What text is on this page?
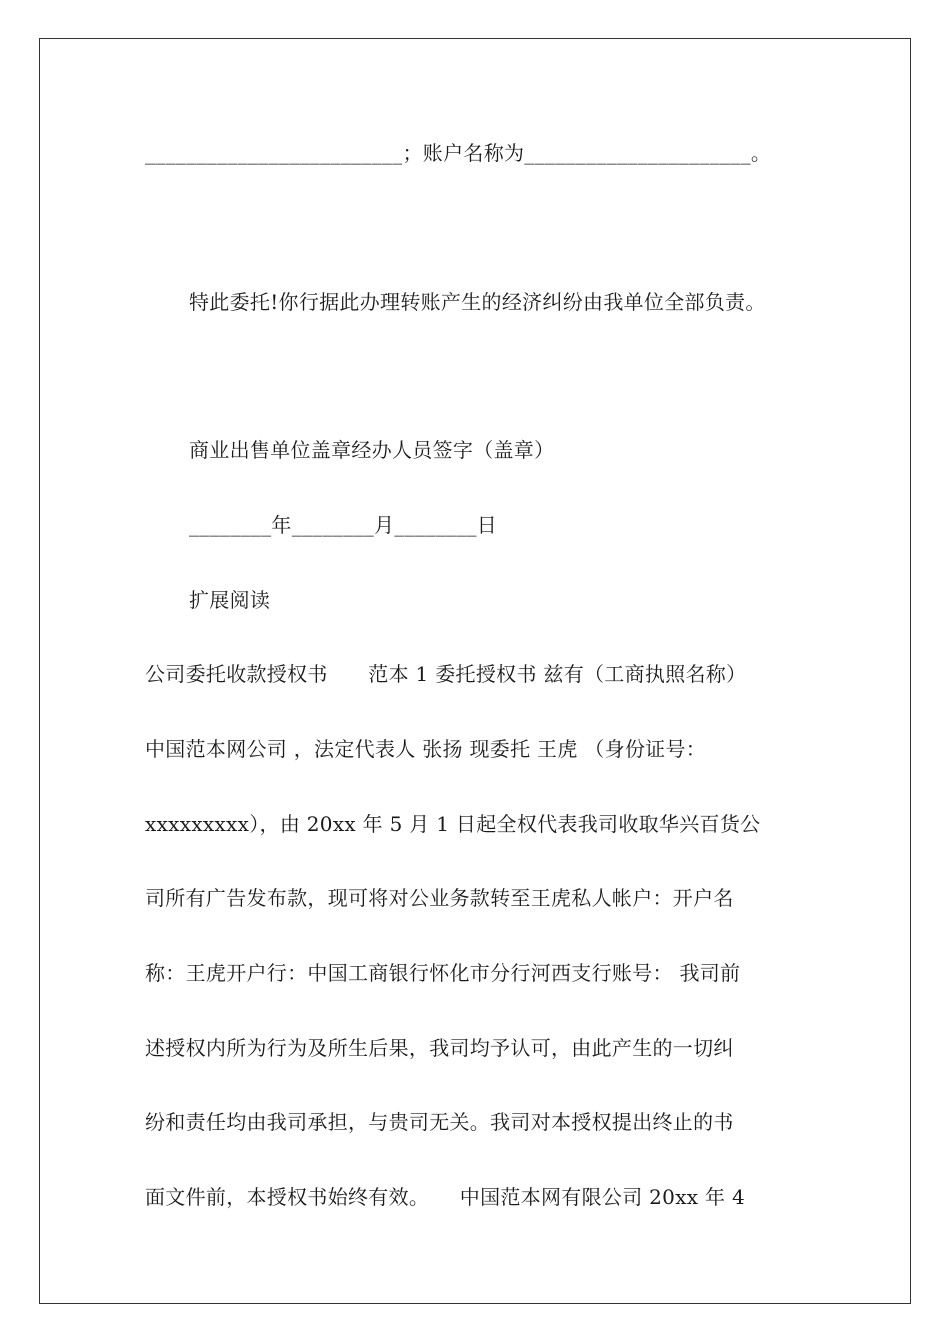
_________________________；账户名称为______________________。
特此委托!你行据此办理转账产生的经济纠纷由我单位全部负责。
商业出售单位盖章经办人员签字（盖章）
________年________月________日
扩展阅读
公司委托收款授权书　　范本 1 委托授权书 兹有（工商执照名称）
中国范本网公司 ，法定代表人 张扬 现委托 王虎 （身份证号：
xxxxxxxxx），由 20xx 年 5 月 1 日起全权代表我司收取华兴百货公
司所有广告发布款，现可将对公业务款转至王虎私人帐户：开户名
称：王虎开户行：中国工商银行怀化市分行河西支行账号： 我司前
述授权内所为行为及所生后果，我司均予认可，由此产生的一切纠
纷和责任均由我司承担，与贵司无关。我司对本授权提出终止的书
面文件前，本授权书始终有效。　　中国范本网有限公司 20xx 年 4
